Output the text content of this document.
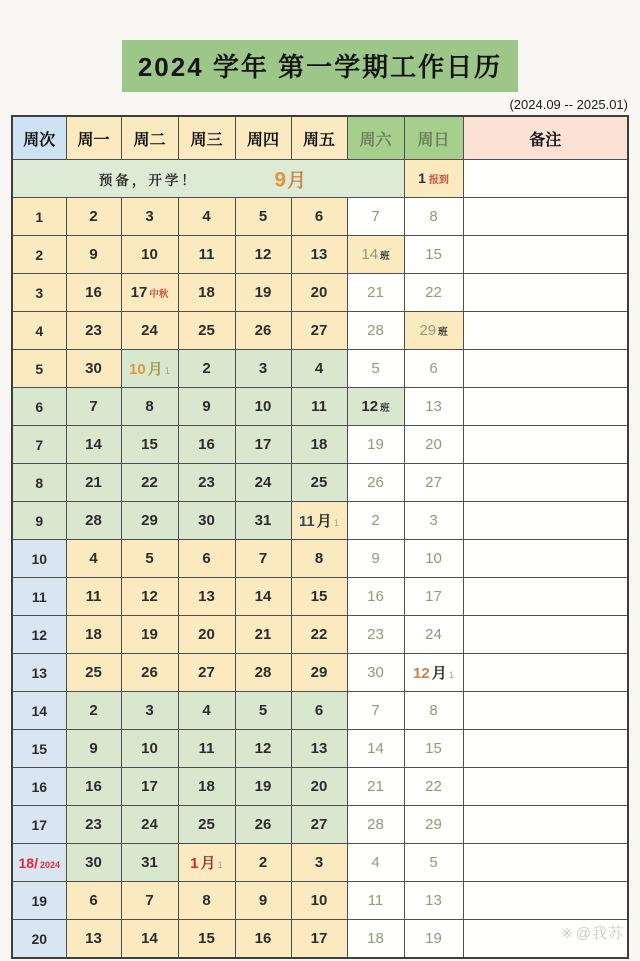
2024 学年 第一学期工作日历
(2024.09 -- 2025.01)
周次	周一	周二	周三	周四	周五	周六	周日	备注

预备，开学！ 9月							1 报到	
1	2	3	4	5	6	7	8	
2	9	10	11	12	13	14 班	15	
3	16	17 中秋	18	19	20	21	22	
4	23	24	25	26	27	28	29 班	
5	30	10 月 1	2	3	4	5	6	
6	7	8	9	10	11	12 班	13	
7	14	15	16	17	18	19	20	
8	21	22	23	24	25	26	27	
9	28	29	30	31	11 月 1	2	3	
10	4	5	6	7	8	9	10	
11	11	12	13	14	15	16	17	
12	18	19	20	21	22	23	24	
13	25	26	27	28	29	30	12 月 1	
14	2	3	4	5	6	7	8	
15	9	10	11	12	13	14	15	
16	16	17	18	19	20	21	22	
17	23	24	25	26	27	28	29	
18/ 2024	30	31	1 月 1	2	3	4	5	
19	6	7	8	9	10	11	13	
20	13	14	15	16	17	18	19		※ @我苏
